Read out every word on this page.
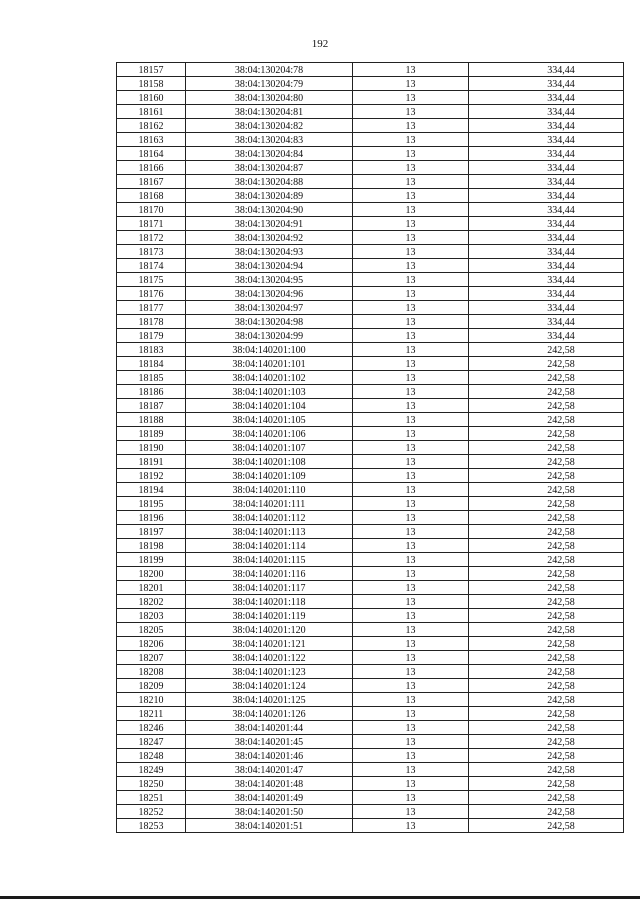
192
18157	38:04:130204:78	13	334,44
18158	38:04:130204:79	13	334,44
18160	38:04:130204:80	13	334,44
18161	38:04:130204:81	13	334,44
18162	38:04:130204:82	13	334,44
18163	38:04:130204:83	13	334,44
18164	38:04:130204:84	13	334,44
18166	38:04:130204:87	13	334,44
18167	38:04:130204:88	13	334,44
18168	38:04:130204:89	13	334,44
18170	38:04:130204:90	13	334,44
18171	38:04:130204:91	13	334,44
18172	38:04:130204:92	13	334,44
18173	38:04:130204:93	13	334,44
18174	38:04:130204:94	13	334,44
18175	38:04:130204:95	13	334,44
18176	38:04:130204:96	13	334,44
18177	38:04:130204:97	13	334,44
18178	38:04:130204:98	13	334,44
18179	38:04:130204:99	13	334,44
18183	38:04:140201:100	13	242,58
18184	38:04:140201:101	13	242,58
18185	38:04:140201:102	13	242,58
18186	38:04:140201:103	13	242,58
18187	38:04:140201:104	13	242,58
18188	38:04:140201:105	13	242,58
18189	38:04:140201:106	13	242,58
18190	38:04:140201:107	13	242,58
18191	38:04:140201:108	13	242,58
18192	38:04:140201:109	13	242,58
18194	38:04:140201:110	13	242,58
18195	38:04:140201:111	13	242,58
18196	38:04:140201:112	13	242,58
18197	38:04:140201:113	13	242,58
18198	38:04:140201:114	13	242,58
18199	38:04:140201:115	13	242,58
18200	38:04:140201:116	13	242,58
18201	38:04:140201:117	13	242,58
18202	38:04:140201:118	13	242,58
18203	38:04:140201:119	13	242,58
18205	38:04:140201:120	13	242,58
18206	38:04:140201:121	13	242,58
18207	38:04:140201:122	13	242,58
18208	38:04:140201:123	13	242,58
18209	38:04:140201:124	13	242,58
18210	38:04:140201:125	13	242,58
18211	38:04:140201:126	13	242,58
18246	38:04:140201:44	13	242,58
18247	38:04:140201:45	13	242,58
18248	38:04:140201:46	13	242,58
18249	38:04:140201:47	13	242,58
18250	38:04:140201:48	13	242,58
18251	38:04:140201:49	13	242,58
18252	38:04:140201:50	13	242,58
18253	38:04:140201:51	13	242,58
